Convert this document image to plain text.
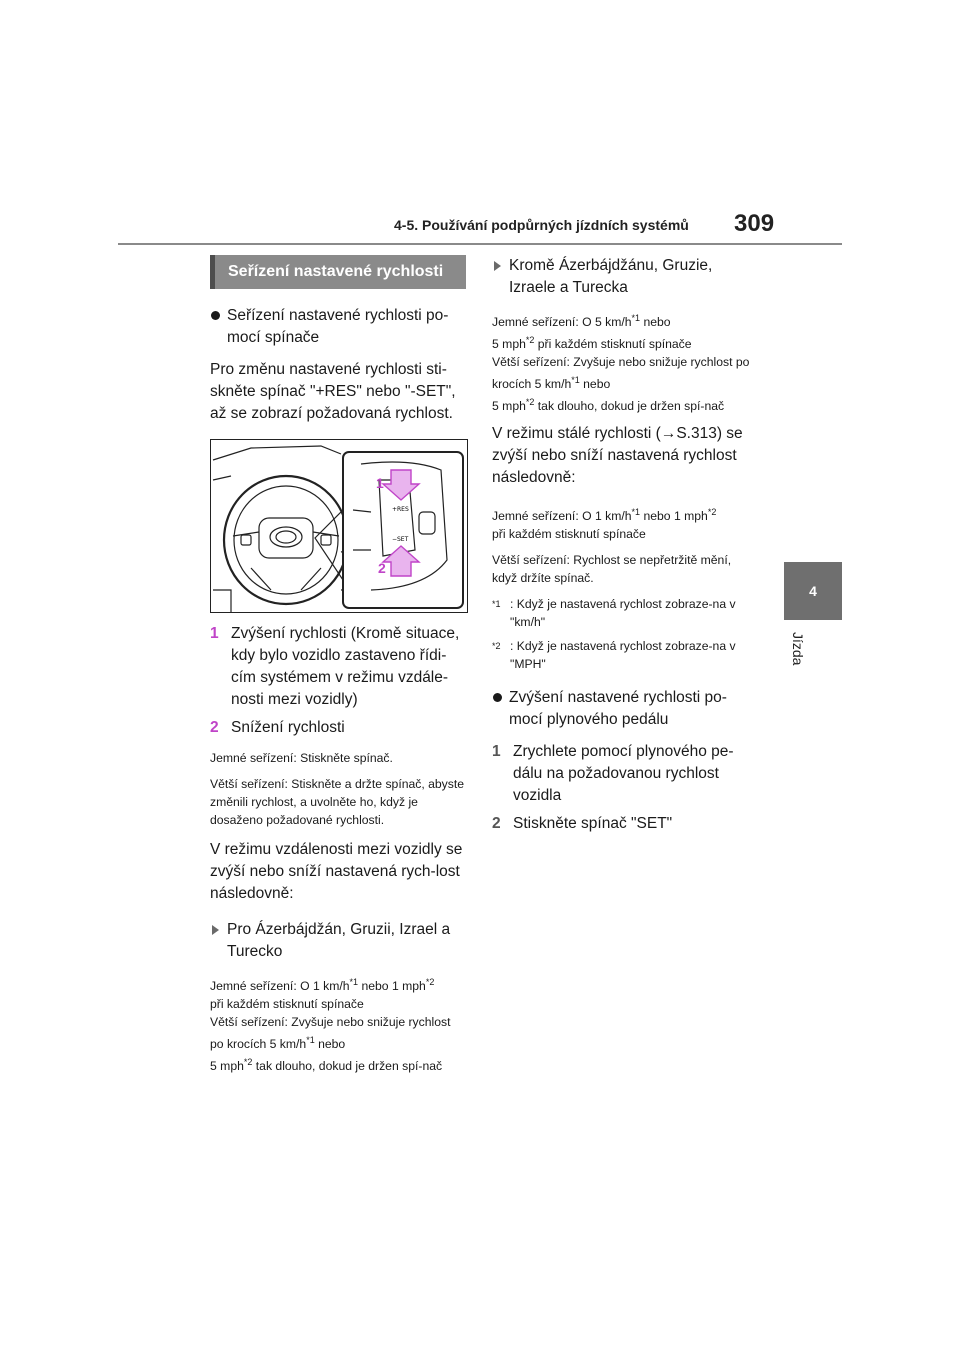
4-5. Používání podpůrných jízdních systémů 309
4
Jízda
Seřízení nastavené rychlosti
Seřízení nastavené rychlosti po-mocí spínače
Pro změnu nastavené rychlosti sti-skněte spínač "+RES" nebo "-SET", až se zobrazí požadovaná rychlost.
+ RES
− SET
1
2
1 Zvýšení rychlosti (Kromě situace, kdy bylo vozidlo zastaveno řídi-cím systémem v režimu vzdále-nosti mezi vozidly)
2 Snížení rychlosti
Jemné seřízení: Stiskněte spínač.
Větší seřízení: Stiskněte a držte spínač, abyste změnili rychlost, a uvolněte ho, když je dosaženo požadované rychlosti.
V režimu vzdálenosti mezi vozidly se zvýší nebo sníží nastavená rych-lost následovně:
Pro Ázerbájdžán, Gruzii, Izrael a Turecko
Jemné seřízení: O 1 $km/h^{*1}$ nebo 1 mph$^{*2}$
při každém stisknutí spínače
Větší seřízení: Zvyšuje nebo snižuje rychlost po krocích 5 $km/h^{*1}$ nebo
5 mph$^{*2}$ tak dlouho, dokud je držen spí-nač
Kromě Ázerbájdžánu, Gruzie, Izraele a Turecka
Jemné seřízení: O 5 $km/h^{*1}$ nebo
5 mph$^{*2}$ při každém stisknutí spínače
Větší seřízení: Zvyšuje nebo snižuje rychlost po krocích 5 $km/h^{*1}$ nebo
5 mph$^{*2}$ tak dlouho, dokud je držen spí-nač
V režimu stálé rychlosti (→S.313) se zvýší nebo sníží nastavená rychlost následovně:
Jemné seřízení: O 1 $km/h^{*1}$ nebo 1 mph$^{*2}$
při každém stisknutí spínače
Větší seřízení: Rychlost se nepřetržitě mění, když držíte spínač.
$^{*1}$ : Když je nastavená rychlost zobraze-na v "km/h"
$^{*2}$ : Když je nastavená rychlost zobraze-na v "MPH"
Zvýšení nastavené rychlosti po-mocí plynového pedálu
1 Zrychlete pomocí plynového pe-dálu na požadovanou rychlost vozidla
2 Stiskněte spínač "SET"
